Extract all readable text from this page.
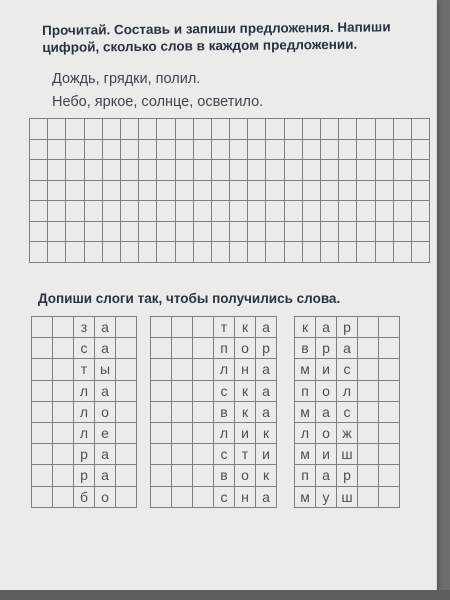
Прочитай. Составь и запиши предложения. Напиши цифрой, сколько слов в каждом предложении.
Дождь, грядки, полил.
Небо, яркое, солнце, осветило.

Допиши слоги так, чтобы получились слова.
		з	а	
		с	а	
		т	ы	
		л	а	
		л	о	
		л	е	
		р	а	
		р	а	
		б	о	
			т	к	а
			п	о	р
			л	н	а
			с	к	а
			в	к	а
			л	и	к
			с	т	и
			в	о	к
			с	н	а
к	а	р		
в	р	а		
м	и	с		
п	о	л		
м	а	с		
л	о	ж		
м	и	ш		
п	а	р		
м	у	ш		
